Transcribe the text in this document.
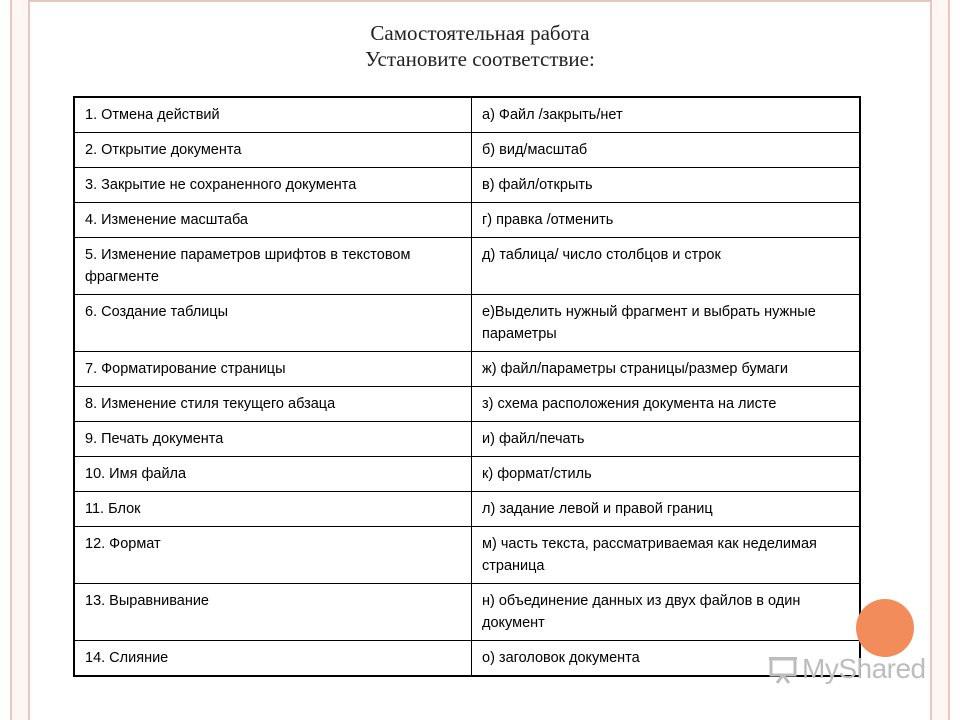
Самостоятельная работа
Установите соответствие:
1. Отмена действий	а) Файл /закрыть/нет
2. Открытие документа	б) вид/масштаб
3. Закрытие не сохраненного документа	в) файл/открыть
4. Изменение масштаба	г) правка /отменить
5. Изменение параметров шрифтов в текстовом фрагменте	д) таблица/ число столбцов и строк
6. Создание таблицы	е)Выделить нужный фрагмент и выбрать нужные параметры
7. Форматирование страницы	ж) файл/параметры страницы/размер бумаги
8. Изменение стиля текущего абзаца	з) схема расположения документа на листе
9. Печать документа	и) файл/печать
10. Имя файла	к) формат/стиль
11. Блок	л) задание левой и правой границ
12. Формат	м) часть текста, рассматриваемая как неделимая страница
13. Выравнивание	н) объединение данных из двух файлов в один документ
14. Слияние	о) заголовок документа	MyShared
